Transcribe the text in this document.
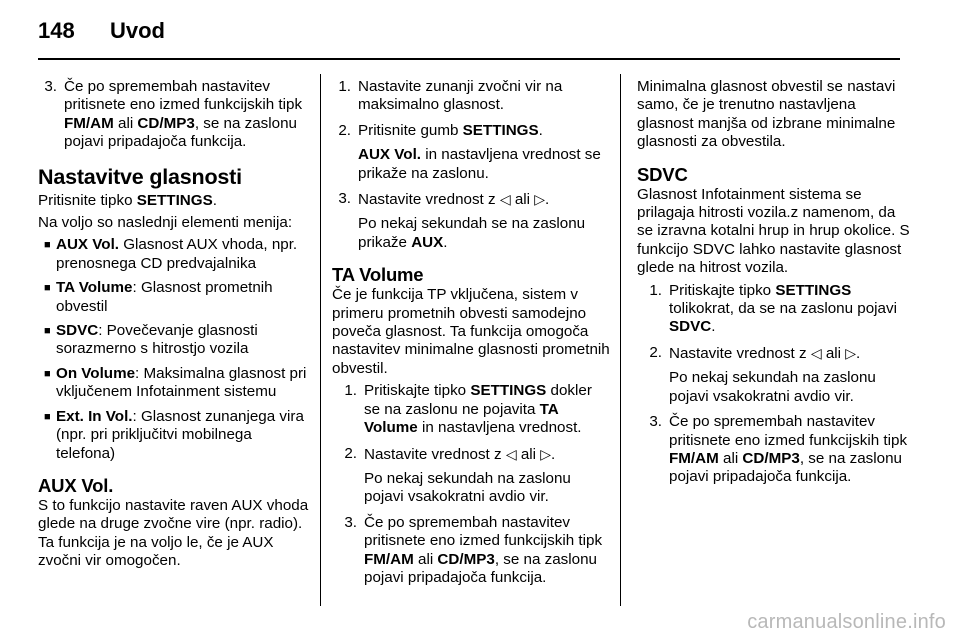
148	Uvod
3. Če po spremembah nastavitev pritisnete eno izmed funkcijskih tipk FM/AM ali CD/MP3, se na zaslonu pojavi pripadajoča funkcija.
Nastavitve glasnosti

Pritisnite tipko SETTINGS.

Na voljo so naslednji elementi menija:

■ AUX Vol. Glasnost AUX vhoda, npr. prenosnega CD predvajalnika
■ TA Volume: Glasnost prometnih obvestil
■ SDVC: Povečevanje glasnosti sorazmerno s hitrostjo vozila
■ On Volume: Maksimalna glasnost pri vključenem Infotainment sistemu
■ Ext. In Vol.: Glasnost zunanjega vira (npr. pri priključitvi mobilnega telefona)
AUX Vol.

S to funkcijo nastavite raven AUX vhoda glede na druge zvočne vire (npr. radio). Ta funkcija je na voljo le, če je AUX zvočni vir omogočen.

1. Nastavite zunanji zvočni vir na maksimalno glasnost.
2. Pritisnite gumb SETTINGS.
AUX Vol. in nastavljena vrednost se prikaže na zaslonu.
3. Nastavite vrednost z ◁ ali ▷.
Po nekaj sekundah se na zaslonu prikaže AUX.
TA Volume

Če je funkcija TP vključena, sistem v primeru prometnih obvesti samodejno poveča glasnost. Ta funkcija omogoča nastavitev minimalne glasnosti prometnih obvestil.

1. Pritiskajte tipko SETTINGS dokler se na zaslonu ne pojavita TA Volume in nastavljena vrednost.
2. Nastavite vrednost z ◁ ali ▷.
Po nekaj sekundah na zaslonu pojavi vsakokratni avdio vir.
3. Če po spremembah nastavitev pritisnete eno izmed funkcijskih tipk FM/AM ali CD/MP3, se na zaslonu pojavi pripadajoča funkcija.

Minimalna glasnost obvestil se nastavi samo, če je trenutno nastavljena glasnost manjša od izbrane minimalne glasnosti za obvestila.

SDVC

Glasnost Infotainment sistema se prilagaja hitrosti vozila.z namenom, da se izravna kotalni hrup in hrup okolice. S funkcijo SDVC lahko nastavite glasnost glede na hitrost vozila.

1. Pritiskajte tipko SETTINGS tolikokrat, da se na zaslonu pojavi SDVC.
2. Nastavite vrednost z ◁ ali ▷.
Po nekaj sekundah na zaslonu pojavi vsakokratni avdio vir.
3. Če po spremembah nastavitev pritisnete eno izmed funkcijskih tipk FM/AM ali CD/MP3, se na zaslonu pojavi pripadajoča funkcija.
carmanualsonline.info
